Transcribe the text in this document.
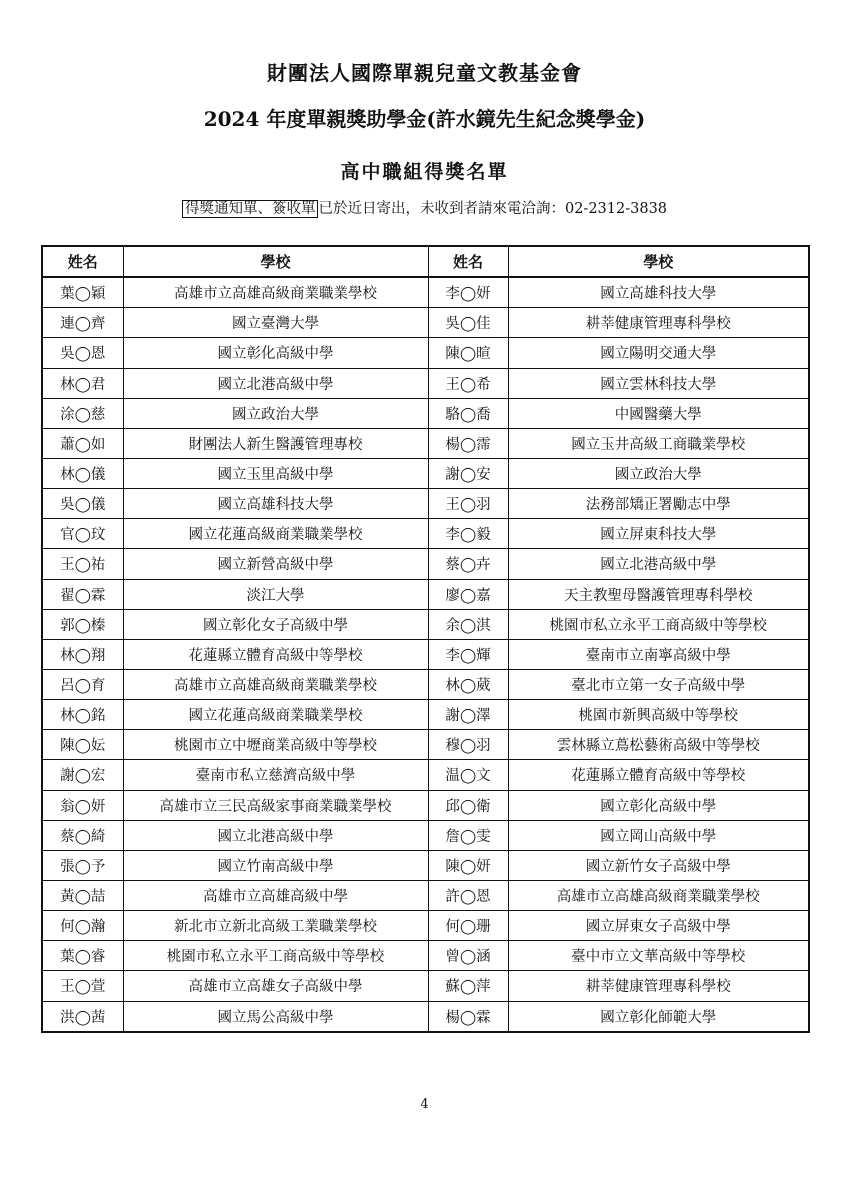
財團法人國際單親兒童文教基金會
2024 年度單親獎助學金(許水鏡先生紀念獎學金)
高中職組得獎名單
得獎通知單、簽收單 已於近日寄出，未收到者請來電洽詢：02-2312-3838
姓名	學校	姓名	學校
葉◯穎	高雄市立高雄高級商業職業學校	李◯妍	國立高雄科技大學
連◯齊	國立臺灣大學	吳◯佳	耕莘健康管理專科學校
吳◯恩	國立彰化高級中學	陳◯暄	國立陽明交通大學
林◯君	國立北港高級中學	王◯希	國立雲林科技大學
涂◯慈	國立政治大學	駱◯喬	中國醫藥大學
蕭◯如	財團法人新生醫護管理專校	楊◯霈	國立玉井高級工商職業學校
林◯儀	國立玉里高級中學	謝◯安	國立政治大學
吳◯儀	國立高雄科技大學	王◯羽	法務部矯正署勵志中學
官◯玟	國立花蓮高級商業職業學校	李◯毅	國立屏東科技大學
王◯祐	國立新營高級中學	蔡◯卉	國立北港高級中學
翟◯霖	淡江大學	廖◯嘉	天主教聖母醫護管理專科學校
郭◯榛	國立彰化女子高級中學	余◯淇	桃園市私立永平工商高級中等學校
林◯翔	花蓮縣立體育高級中等學校	李◯輝	臺南市立南寧高級中學
呂◯育	高雄市立高雄高級商業職業學校	林◯葳	臺北市立第一女子高級中學
林◯銘	國立花蓮高級商業職業學校	謝◯澤	桃園市新興高級中等學校
陳◯妘	桃園市立中壢商業高級中等學校	穆◯羽	雲林縣立蔦松藝術高級中等學校
謝◯宏	臺南市私立慈濟高級中學	温◯文	花蓮縣立體育高級中等學校
翁◯妍	高雄市立三民高級家事商業職業學校	邱◯衛	國立彰化高級中學
蔡◯綺	國立北港高級中學	詹◯雯	國立岡山高級中學
張◯予	國立竹南高級中學	陳◯妍	國立新竹女子高級中學
黃◯喆	高雄市立高雄高級中學	許◯恩	高雄市立高雄高級商業職業學校
何◯瀚	新北市立新北高級工業職業學校	何◯珊	國立屏東女子高級中學
葉◯睿	桃園市私立永平工商高級中等學校	曾◯涵	臺中市立文華高級中等學校
王◯萱	高雄市立高雄女子高級中學	蘇◯萍	耕莘健康管理專科學校
洪◯茜	國立馬公高級中學	楊◯霖	國立彰化師範大學
4
